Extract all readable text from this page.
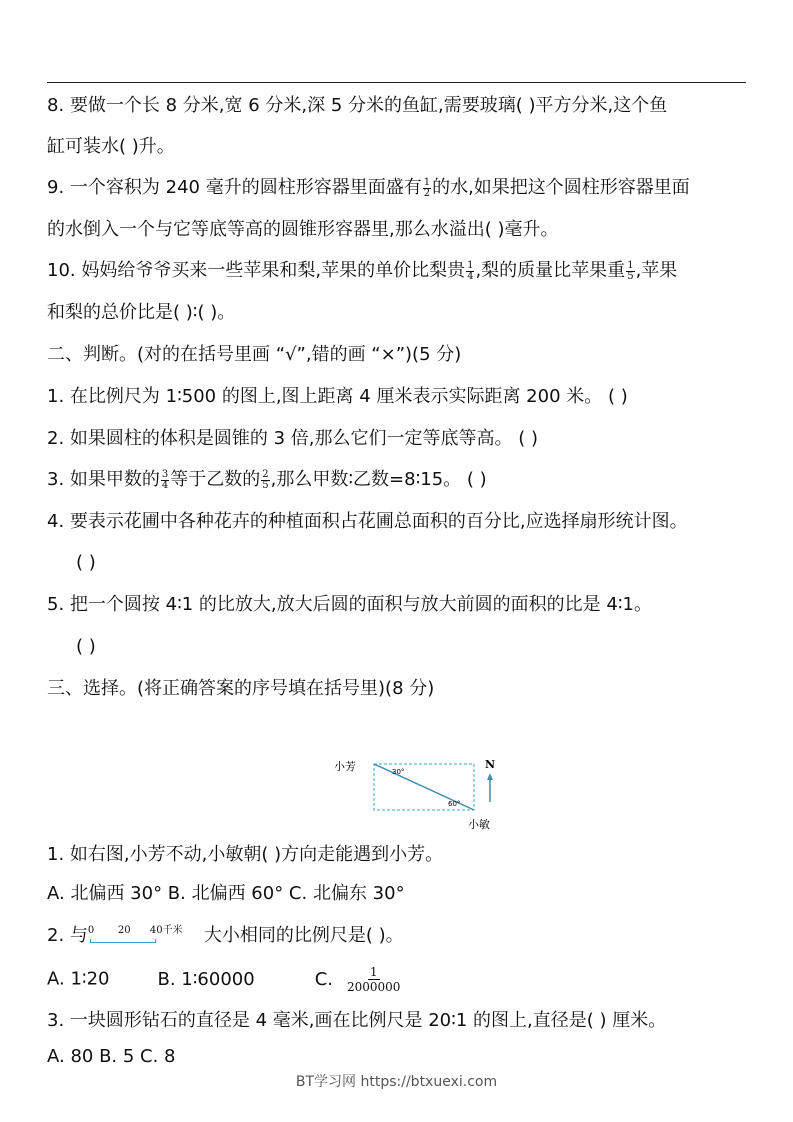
8. 要做一个长 8 分米,宽 6 分米,深 5 分米的鱼缸,需要玻璃( )平方分米,这个鱼
缸可装水( )升。
9. 一个容积为 240 毫升的圆柱形容器里面盛有 $\frac{1}{2}$ 的水,如果把这个圆柱形容器里面
的水倒入一个与它等底等高的圆锥形容器里,那么水溢出( )毫升。
10. 妈妈给爷爷买来一些苹果和梨,苹果的单价比梨贵 $\frac{1}{4}$ ,梨的质量比苹果重 $\frac{1}{5}$ ,苹果
和梨的总价比是( )∶( )。
二、判断。(对的在括号里画 “√”,错的画 “×”)(5 分)
1. 在比例尺为 1∶500 的图上,图上距离 4 厘米表示实际距离 200 米。 ( )
2. 如果圆柱的体积是圆锥的 3 倍,那么它们一定等底等高。 ( )
3. 如果甲数的 $\frac{3}{4}$ 等于乙数的 $\frac{2}{5}$ ,那么甲数∶乙数=8∶15。 ( )
4. 要表示花圃中各种花卉的种植面积占花圃总面积的百分比,应选择扇形统计图。
( )
5. 把一个圆按 4∶1 的比放大,放大后圆的面积与放大前圆的面积的比是 4∶1。
( )
三、选择。(将正确答案的序号填在括号里)(8 分)
小芳
小敏
30°
60°
N
1. 如右图,小芳不动,小敏朝( )方向走能遇到小芳。
A. 北偏西 30° B. 北偏西 60° C. 北偏东 30°
2. 与 0 20 40千米 大小相同的比例尺是( )。
A. 1∶20	B. 1∶60000	C. $\frac{1}{2000000}$
3. 一块圆形钻石的直径是 4 毫米,画在比例尺是 20∶1 的图上,直径是( ) 厘米。
A. 80 B. 5 C. 8
BT学习网 https://btxuexi.com
